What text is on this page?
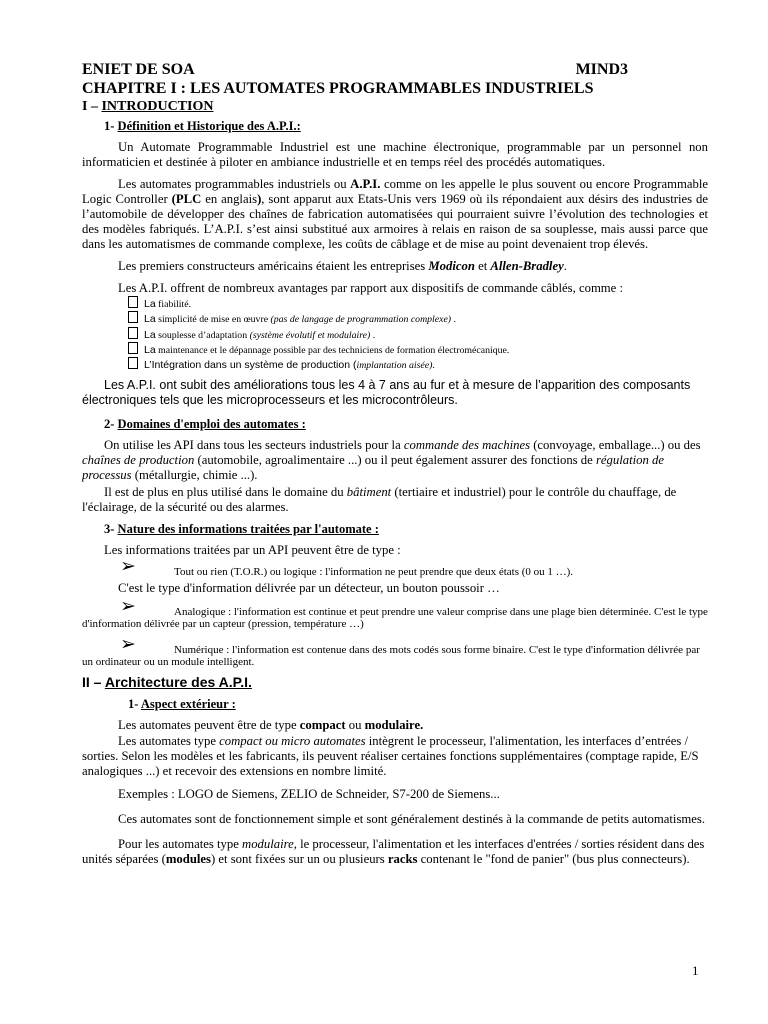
ENIET DE SOA	MIND3
CHAPITRE I : LES AUTOMATES PROGRAMMABLES INDUSTRIELS
I – INTRODUCTION
1- Définition et Historique des A.P.I.:

Un Automate Programmable Industriel est une machine électronique, programmable par un personnel non informaticien et destinée à piloter en ambiance industrielle et en temps réel des procédés automatiques.

Les automates programmables industriels ou A.P.I. comme on les appelle le plus souvent ou encore Programmable Logic Controller (PLC en anglais), sont apparut aux Etats-Unis vers 1969 où ils répondaient aux désirs des industries de l’automobile de développer des chaînes de fabrication automatisées qui pourraient suivre l’évolution des technologies et des modèles fabriqués. L’A.P.I. s’est ainsi substitué aux armoires à relais en raison de sa souplesse, mais aussi parce que dans les automatismes de commande complexe, les coûts de câblage et de mise au point devenaient trop élevés.

Les premiers constructeurs américains étaient les entreprises Modicon et Allen-Bradley.

Les A.P.I. offrent de nombreux avantages par rapport aux dispositifs de commande câblés, comme :

La fiabilité.
La simplicité de mise en œuvre (pas de langage de programmation complexe) .
La souplesse d’adaptation (système évolutif et modulaire) .
La maintenance et le dépannage possible par des techniciens de formation électromécanique.
L’Intégration dans un système de production (implantation aisée).

Les A.P.I. ont subit des améliorations tous les 4 à 7 ans au fur et à mesure de l’apparition des composants électroniques tels que les microprocesseurs et les microcontrôleurs.

2- Domaines d'emploi des automates :

On utilise les API dans tous les secteurs industriels pour la commande des machines (convoyage, emballage...) ou des chaînes de production (automobile, agroalimentaire ...) ou il peut également assurer des fonctions de régulation de processus (métallurgie, chimie ...).

Il est de plus en plus utilisé dans le domaine du bâtiment (tertiaire et industriel) pour le contrôle du chauffage, de l'éclairage, de la sécurité ou des alarmes.

3- Nature des informations traitées par l'automate :

Les informations traitées par un API peuvent être de type :

➢	Tout ou rien (T.O.R.) ou logique : l'information ne peut prendre que deux états (0 ou 1 …).
C'est le type d'information délivrée par un détecteur, un bouton poussoir …
➢	Analogique : l'information est continue et peut prendre une valeur comprise dans une plage bien déterminée. C'est le type d'information délivrée par un capteur (pression, température …)
➢	Numérique : l'information est contenue dans des mots codés sous forme binaire. C'est le type d'information délivrée par un ordinateur ou un module intelligent.
II – Architecture des A.P.I.
1- Aspect extérieur :

Les automates peuvent être de type compact ou modulaire.

Les automates type compact ou micro automates intègrent le processeur, l'alimentation, les interfaces d’entrées / sorties. Selon les modèles et les fabricants, ils peuvent réaliser certaines fonctions supplémentaires (comptage rapide, E/S analogiques ...) et recevoir des extensions en nombre limité.

Exemples : LOGO de Siemens, ZELIO de Schneider, S7-200 de Siemens...

Ces automates sont de fonctionnement simple et sont généralement destinés à la commande de petits automatismes.

Pour les automates type modulaire, le processeur, l'alimentation et les interfaces d'entrées / sorties résident dans des unités séparées (modules) et sont fixées sur un ou plusieurs racks contenant le "fond de panier" (bus plus connecteurs).

1
